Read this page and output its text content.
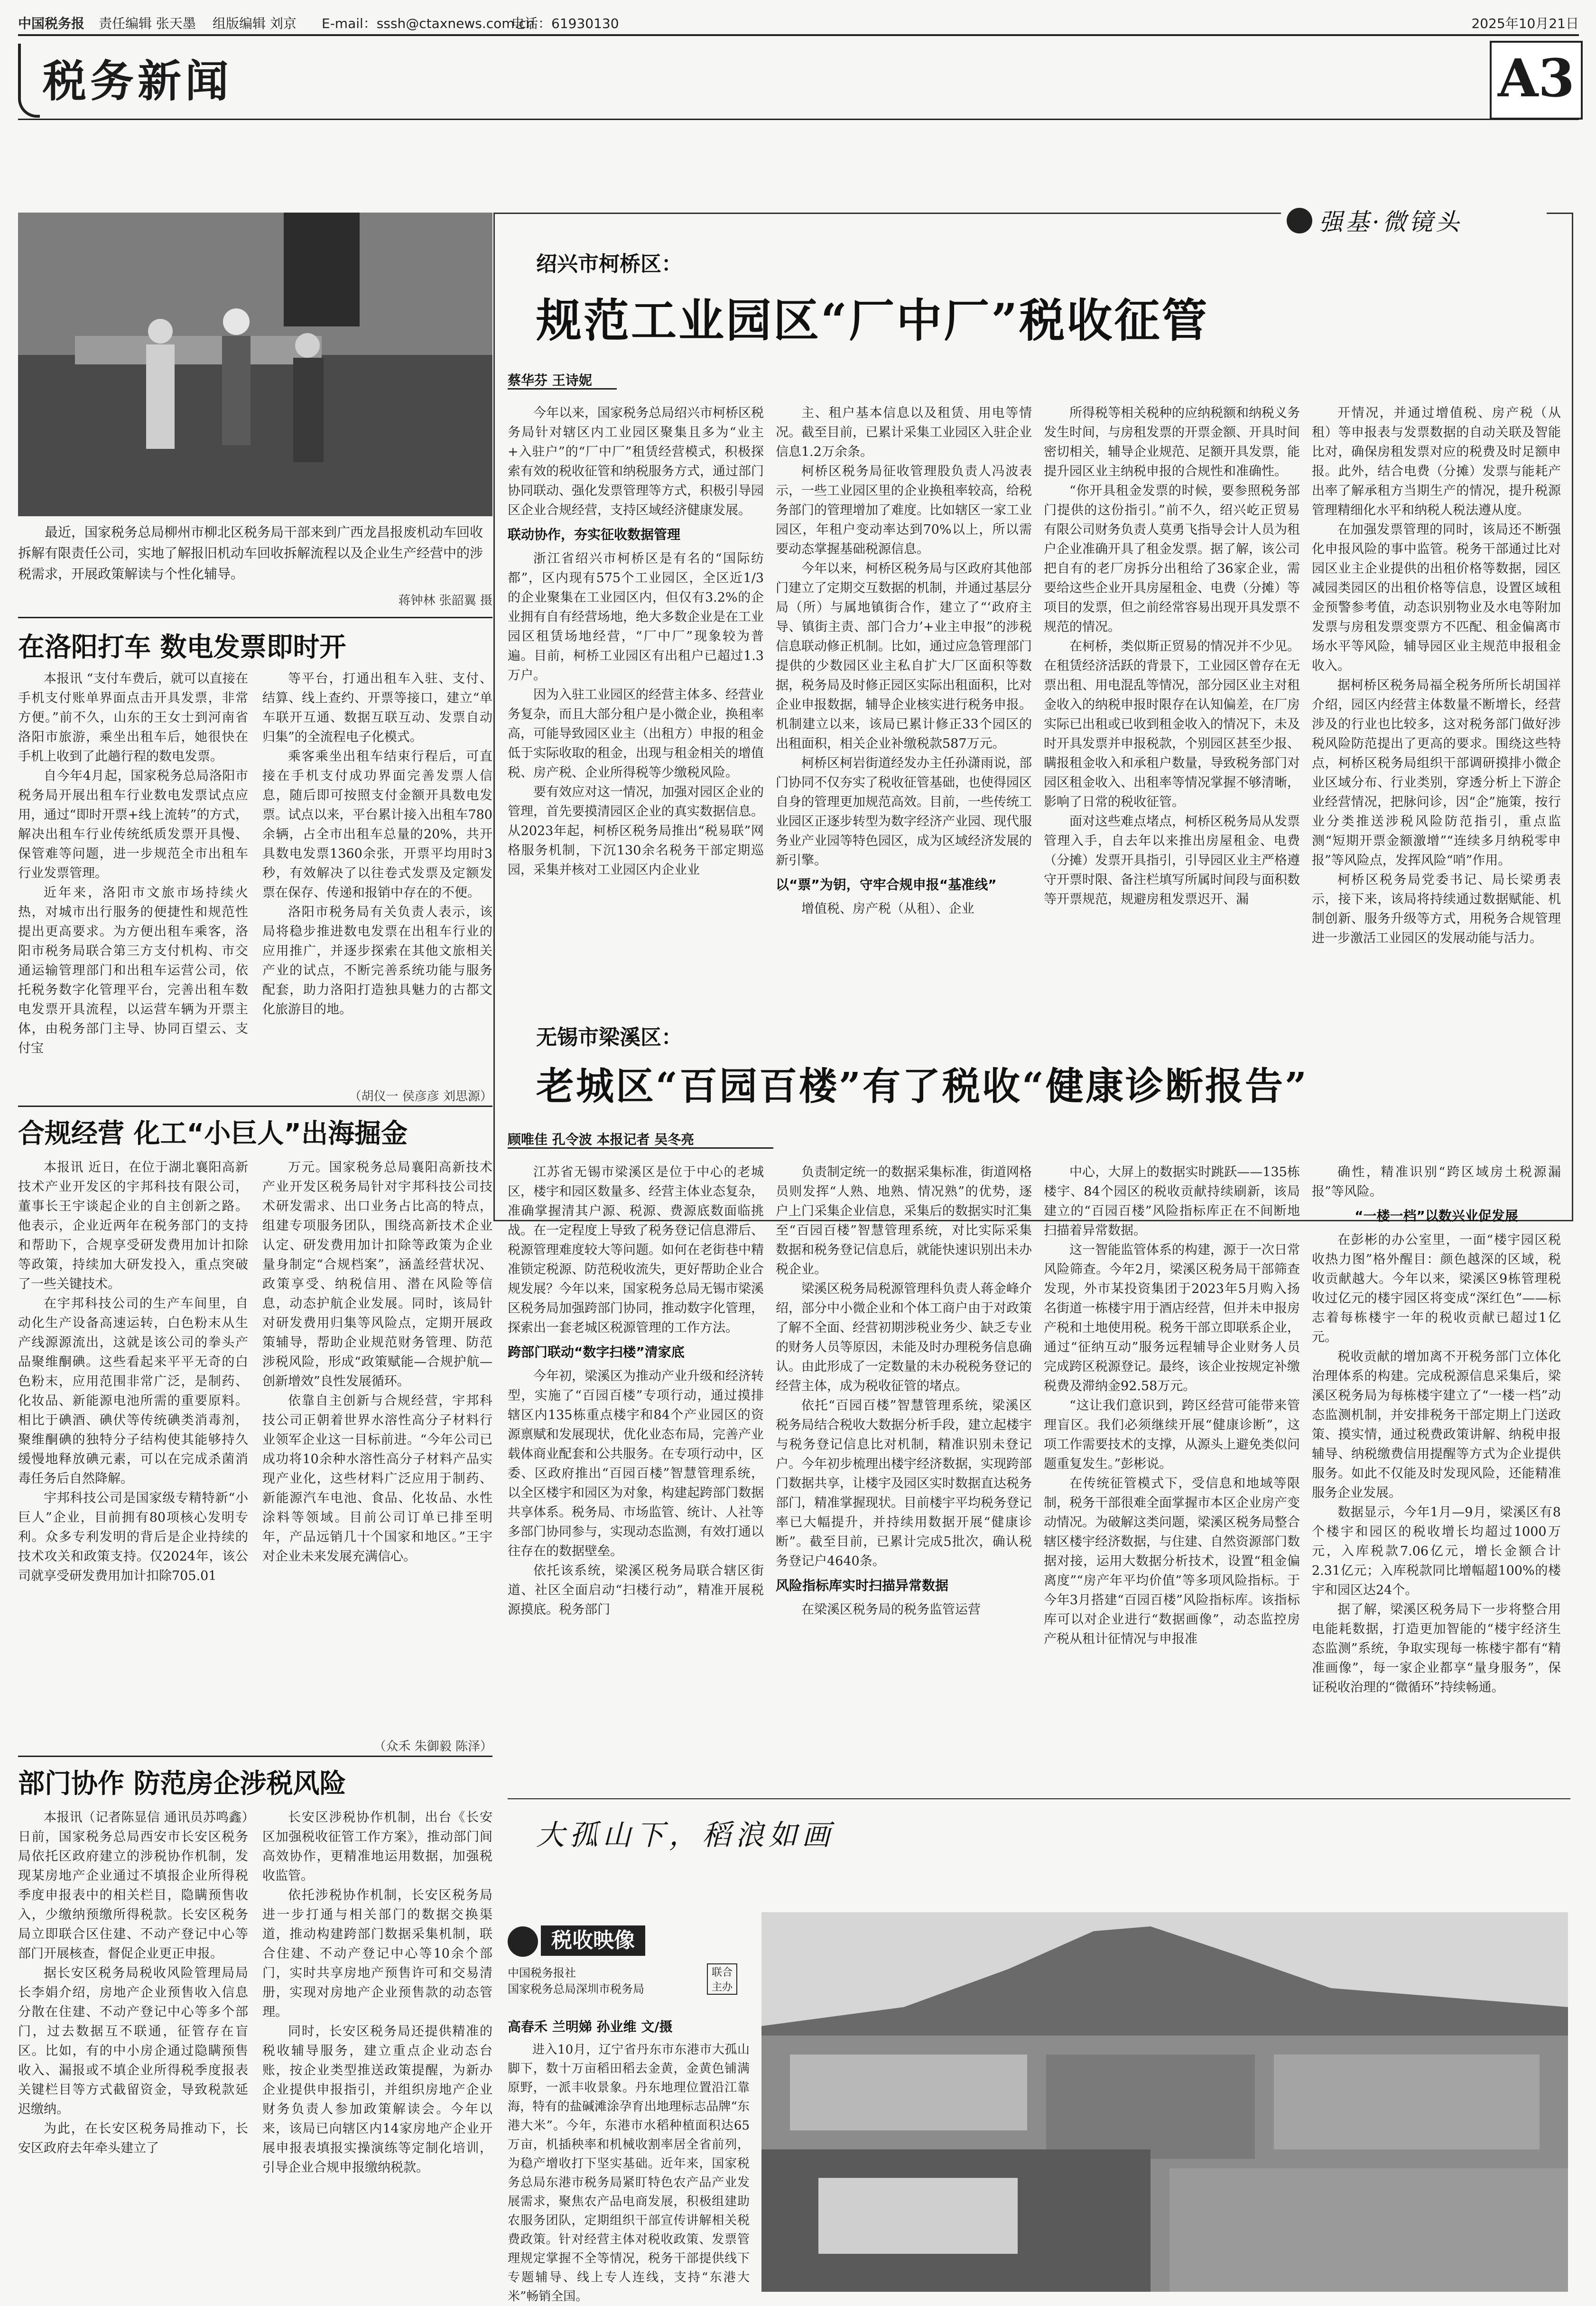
中国税务报 责任编辑 张天墨 组版编辑 刘京 E-mail：sssh@ctaxnews.com.cn
电话：61930130	2025年10月21日
税务新闻	A3
最近，国家税务总局柳州市柳北区税务局干部来到广西龙昌报废机动车回收拆解有限责任公司，实地了解报旧机动车回收拆解流程以及企业生产经营中的涉税需求，开展政策解读与个性化辅导。
蒋钟林 张韶翼 摄
在洛阳打车 数电发票即时开

本报讯 “支付车费后，就可以直接在手机支付账单界面点击开具发票，非常方便。”前不久，山东的王女士到河南省洛阳市旅游，乘坐出租车后，她很快在手机上收到了此趟行程的数电发票。

自今年4月起，国家税务总局洛阳市税务局开展出租车行业数电发票试点应用，通过“即时开票+线上流转”的方式，解决出租车行业传统纸质发票开具慢、保管难等问题，进一步规范全市出租车行业发票管理。

近年来，洛阳市文旅市场持续火热，对城市出行服务的便捷性和规范性提出更高要求。为方便出租车乘客，洛阳市税务局联合第三方支付机构、市交通运输管理部门和出租车运营公司，依托税务数字化管理平台，完善出租车数电发票开具流程，以运营车辆为开票主体，由税务部门主导、协同百望云、支付宝

等平台，打通出租车入驻、支付、结算、线上查约、开票等接口，建立“单车联开互通、数据互联互动、发票自动归集”的全流程电子化模式。

乘客乘坐出租车结束行程后，可直接在手机支付成功界面完善发票人信息，随后即可按照支付金额开具数电发票。试点以来，平台累计接入出租车780余辆，占全市出租车总量的20%，共开具数电发票1360余张，开票平均用时3秒，有效解决了以往卷式发票及定额发票在保存、传递和报销中存在的不便。

洛阳市税务局有关负责人表示，该局将稳步推进数电发票在出租车行业的应用推广，并逐步探索在其他文旅相关产业的试点，不断完善系统功能与服务配套，助力洛阳打造独具魅力的古都文化旅游目的地。

（胡仪一 侯彦彦 刘思源）
合规经营 化工“小巨人”出海掘金

本报讯 近日，在位于湖北襄阳高新技术产业开发区的宇邦科技有限公司，董事长王宇谈起企业的自主创新之路。他表示，企业近两年在税务部门的支持和帮助下，合规享受研发费用加计扣除等政策，持续加大研发投入，重点突破了一些关键技术。

在宇邦科技公司的生产车间里，自动化生产设备高速运转，白色粉末从生产线源源流出，这就是该公司的拳头产品聚维酮碘。这些看起来平平无奇的白色粉末，应用范围非常广泛，是制药、化妆品、新能源电池所需的重要原料。相比于碘酒、碘伏等传统碘类消毒剂，聚维酮碘的独特分子结构使其能够持久缓慢地释放碘元素，可以在完成杀菌消毒任务后自然降解。

宇邦科技公司是国家级专精特新“小巨人”企业，目前拥有80项核心发明专利。众多专利发明的背后是企业持续的技术攻关和政策支持。仅2024年，该公司就享受研发费用加计扣除705.01

万元。国家税务总局襄阳高新技术产业开发区税务局针对宇邦科技公司技术研发需求、出口业务占比高的特点，组建专项服务团队，围绕高新技术企业认定、研发费用加计扣除等政策为企业量身制定“合规档案”，涵盖经营状况、政策享受、纳税信用、潜在风险等信息，动态护航企业发展。同时，该局针对研发费用归集等风险点，定期开展政策辅导，帮助企业规范财务管理、防范涉税风险，形成“政策赋能—合规护航—创新增效”良性发展循环。

依靠自主创新与合规经营，宇邦科技公司正朝着世界水溶性高分子材料行业领军企业这一目标前进。“今年公司已成功将10余种水溶性高分子材料产品实现产业化，这些材料广泛应用于制药、新能源汽车电池、食品、化妆品、水性涂料等领域。目前公司订单已排至明年，产品远销几十个国家和地区。”王宇对企业未来发展充满信心。

（众禾 朱御毅 陈泽）
部门协作 防范房企涉税风险

本报讯（记者陈显信 通讯员苏鸣鑫）日前，国家税务总局西安市长安区税务局依托区政府建立的涉税协作机制，发现某房地产企业通过不填报企业所得税季度申报表中的相关栏目，隐瞒预售收入，少缴纳预缴所得税款。长安区税务局立即联合区住建、不动产登记中心等部门开展核查，督促企业更正申报。

据长安区税务局税收风险管理局局长李娟介绍，房地产企业预售收入信息分散在住建、不动产登记中心等多个部门，过去数据互不联通，征管存在盲区。比如，有的中小房企通过隐瞒预售收入、漏报或不填企业所得税季度报表关键栏目等方式截留资金，导致税款延迟缴纳。

为此，在长安区税务局推动下，长安区政府去年牵头建立了

长安区涉税协作机制，出台《长安区加强税收征管工作方案》，推动部门间高效协作，更精准地运用数据，加强税收监管。

依托涉税协作机制，长安区税务局进一步打通与相关部门的数据交换渠道，推动构建跨部门数据采集机制，联合住建、不动产登记中心等10余个部门，实时共享房地产预售许可和交易清册，实现对房地产企业预售款的动态管理。

同时，长安区税务局还提供精准的税收辅导服务，建立重点企业动态台账，按企业类型推送政策提醒，为新办企业提供申报指引，并组织房地产企业财务负责人参加政策解读会。今年以来，该局已向辖区内14家房地产企业开展申报表填报实操演练等定制化培训，引导企业合规申报缴纳税款。

强基·微镜头
绍兴市柯桥区：
规范工业园区“厂中厂”税收征管
蔡华芬 王诗妮

今年以来，国家税务总局绍兴市柯桥区税务局针对辖区内工业园区聚集且多为“业主+入驻户”的“厂中厂”租赁经营模式，积极探索有效的税收征管和纳税服务方式，通过部门协同联动、强化发票管理等方式，积极引导园区企业合规经营，支持区域经济健康发展。

联动协作，夯实征收数据管理

浙江省绍兴市柯桥区是有名的“国际纺都”，区内现有575个工业园区，全区近1/3的企业聚集在工业园区内，但仅有3.2%的企业拥有自有经营场地，绝大多数企业是在工业园区租赁场地经营，“厂中厂”现象较为普遍。目前，柯桥工业园区有出租户已超过1.3万户。

因为入驻工业园区的经营主体多、经营业务复杂，而且大部分租户是小微企业，换租率高，可能导致园区业主（出租方）申报的租金低于实际收取的租金，出现与租金相关的增值税、房产税、企业所得税等少缴税风险。

要有效应对这一情况，加强对园区企业的管理，首先要摸清园区企业的真实数据信息。从2023年起，柯桥区税务局推出“税易联”网格服务机制，下沉130余名税务干部定期巡园，采集并核对工业园区内企业业

主、租户基本信息以及租赁、用电等情况。截至目前，已累计采集工业园区入驻企业信息1.2万余条。

柯桥区税务局征收管理股负责人冯波表示，一些工业园区里的企业换租率较高，给税务部门的管理增加了难度。比如辖区一家工业园区，年租户变动率达到70%以上，所以需要动态掌握基础税源信息。

今年以来，柯桥区税务局与区政府其他部门建立了定期交互数据的机制，并通过基层分局（所）与属地镇街合作，建立了“‘政府主导、镇街主责、部门合力’+业主申报”的涉税信息联动修正机制。比如，通过应急管理部门提供的少数园区业主私自扩大厂区面积等数据，税务局及时修正园区实际出租面积，比对企业申报数据，辅导企业核实进行税务申报。机制建立以来，该局已累计修正33个园区的出租面积，相关企业补缴税款587万元。

柯桥区柯岩街道经发办主任孙潇雨说，部门协同不仅夯实了税收征管基础，也使得园区自身的管理更加规范高效。目前，一些传统工业园区正逐步转型为数字经济产业园、现代服务业产业园等特色园区，成为区域经济发展的新引擎。

以“票”为钥，守牢合规申报“基准线”

增值税、房产税（从租）、企业

所得税等相关税种的应纳税额和纳税义务发生时间，与房租发票的开票金额、开具时间密切相关，辅导企业规范、足额开具发票，能提升园区业主纳税申报的合规性和准确性。

“你开具租金发票的时候，要参照税务部门提供的这份指引。”前不久，绍兴屹正贸易有限公司财务负责人莫勇飞指导会计人员为租户企业准确开具了租金发票。据了解，该公司把自有的老厂房拆分出租给了36家企业，需要给这些企业开具房屋租金、电费（分摊）等项目的发票，但之前经常容易出现开具发票不规范的情况。

在柯桥，类似斯正贸易的情况并不少见。在租赁经济活跃的背景下，工业园区曾存在无票出租、用电混乱等情况，部分园区业主对租金收入的纳税申报时限存在认知偏差，在厂房实际已出租或已收到租金收入的情况下，未及时开具发票并申报税款，个别园区甚至少报、瞒报租金收入和承租户数量，导致税务部门对园区租金收入、出租率等情况掌握不够清晰，影响了日常的税收征管。

面对这些难点堵点，柯桥区税务局从发票管理入手，自去年以来推出房屋租金、电费（分摊）发票开具指引，引导园区业主严格遵守开票时限、备注栏填写所属时间段与面积数等开票规范，规避房租发票迟开、漏

开情况，并通过增值税、房产税（从租）等申报表与发票数据的自动关联及智能比对，确保房租发票对应的税费及时足额申报。此外，结合电费（分摊）发票与能耗产出率了解承租方当期生产的情况，提升税源管理精细化水平和纳税人税法遵从度。

在加强发票管理的同时，该局还不断强化申报风险的事中监管。税务干部通过比对园区业主企业提供的出租价格等数据，园区减园类园区的出租价格等信息，设置区域租金预警参考值，动态识别物业及水电等附加发票与房租发票变票方不匹配、租金偏离市场水平等风险，辅导园区业主规范申报租金收入。

据柯桥区税务局福全税务所所长胡国祥介绍，园区内经营主体数量不断增长，经营涉及的行业也比较多，这对税务部门做好涉税风险防范提出了更高的要求。围绕这些特点，柯桥区税务局组织干部调研摸排小微企业区域分布、行业类别，穿透分析上下游企业经营情况，把脉问诊，因“企”施策，按行业分类推送涉税风险防范指引，重点监测“短期开票金额激增”“连续多月纳税零申报”等风险点，发挥风险“哨”作用。

柯桥区税务局党委书记、局长梁勇表示，接下来，该局将持续通过数据赋能、机制创新、服务升级等方式，用税务合规管理进一步激活工业园区的发展动能与活力。

无锡市梁溪区：
老城区“百园百楼”有了税收“健康诊断报告”
顾唯佳 孔令波 本报记者 吴冬亮

江苏省无锡市梁溪区是位于中心的老城区，楼宇和园区数量多、经营主体业态复杂，准确掌握清其户源、税源、费源底数面临挑战。在一定程度上导致了税务登记信息滞后、税源管理难度较大等问题。如何在老街巷中精准锁定税源、防范税收流失，更好帮助企业合规发展？今年以来，国家税务总局无锡市梁溪区税务局加强跨部门协同，推动数字化管理，探索出一套老城区税源管理的工作方法。

跨部门联动“数字扫楼”清家底

今年初，梁溪区为推动产业升级和经济转型，实施了“百园百楼”专项行动，通过摸排辖区内135栋重点楼宇和84个产业园区的资源禀赋和发展现状，优化业态布局，完善产业载体商业配套和公共服务。在专项行动中，区委、区政府推出“百园百楼”智慧管理系统，以全区楼宇和园区为对象，构建起跨部门数据共享体系。税务局、市场监管、统计、人社等多部门协同参与，实现动态监测，有效打通以往存在的数据壁垒。

依托该系统，梁溪区税务局联合辖区街道、社区全面启动“扫楼行动”，精准开展税源摸底。税务部门

负责制定统一的数据采集标准，街道网格员则发挥“人熟、地熟、情况熟”的优势，逐户上门采集企业信息，采集后的数据实时汇集至“百园百楼”智慧管理系统，对比实际采集数据和税务登记信息后，就能快速识别出未办税企业。

梁溪区税务局税源管理科负责人蒋金峰介绍，部分中小微企业和个体工商户由于对政策了解不全面、经营初期涉税业务少、缺乏专业的财务人员等原因，未能及时办理税务信息确认。由此形成了一定数量的未办税税务登记的经营主体，成为税收征管的堵点。

依托“百园百楼”智慧管理系统，梁溪区税务局结合税收大数据分析手段，建立起楼宇与税务登记信息比对机制，精准识别未登记户。今年初步梳理出楼宇经济数据，实现跨部门数据共享，让楼宇及园区实时数据直达税务部门，精准掌握现状。目前楼宇平均税务登记率已大幅提升，并持续用数据开展“健康诊断”。截至目前，已累计完成5批次，确认税务登记户4640条。

风险指标库实时扫描异常数据

在梁溪区税务局的税务监管运营

中心，大屏上的数据实时跳跃——135栋楼宇、84个园区的税收贡献持续刷新，该局建立的“百园百楼”风险指标库正在不间断地扫描着异常数据。

这一智能监管体系的构建，源于一次日常风险筛查。今年2月，梁溪区税务局干部筛查发现，外市某投资集团于2023年5月购入扬名街道一栋楼宇用于酒店经营，但并未申报房产税和土地使用税。税务干部立即联系企业，通过“征纳互动”服务远程辅导企业财务人员完成跨区税源登记。最终，该企业按规定补缴税费及滞纳金92.58万元。

“这让我们意识到，跨区经营可能带来管理盲区。我们必须继续开展“健康诊断”，这项工作需要技术的支撑，从源头上避免类似问题重复发生。”彭彬说。

在传统征管模式下，受信息和地域等限制，税务干部很难全面掌握市本区企业房产变动情况。为破解这类问题，梁溪区税务局整合辖区楼宇经济数据，与住建、自然资源部门数据对接，运用大数据分析技术，设置“租金偏离度”“房产年平均价值”等多项风险指标。于今年3月搭建“百园百楼”风险指标库。该指标库可以对企业进行“数据画像”，动态监控房产税从租计征情况与申报准

确性，精准识别“跨区域房土税源漏报”等风险。

“一楼一档”以数兴业促发展

在彭彬的办公室里，一面“楼宇园区税收热力图”格外醒目：颜色越深的区域，税收贡献越大。今年以来，梁溪区9栋管理税收过亿元的楼宇园区将变成“深红色”——标志着每栋楼宇一年的税收贡献已超过1亿元。

税收贡献的增加离不开税务部门立体化治理体系的构建。完成税源信息采集后，梁溪区税务局为每栋楼宇建立了“一楼一档”动态监测机制，并安排税务干部定期上门送政策、摸实情，通过税费政策讲解、纳税申报辅导、纳税缴费信用提醒等方式为企业提供服务。如此不仅能及时发现风险，还能精准服务企业发展。

数据显示，今年1月—9月，梁溪区有8个楼宇和园区的税收增长均超过1000万元，入库税款7.06亿元，增长金额合计2.31亿元；入库税款同比增幅超100%的楼宇和园区达24个。

据了解，梁溪区税务局下一步将整合用电能耗数据，打造更加智能的“楼宇经济生态监测”系统，争取实现每一栋楼宇都有“精准画像”，每一家企业都享“量身服务”，保证税收治理的“微循环”持续畅通。

大孤山下，稻浪如画
税收映像
中国税务报社
国家税务总局深圳市税务局
联合主办
高春禾 兰明娣 孙业维 文/摄

进入10月，辽宁省丹东市东港市大孤山脚下，数十万亩稻田稻去金黄，金黄色铺满原野，一派丰收景象。丹东地理位置沿江靠海，特有的盐碱滩涂孕育出地理标志品牌“东港大米”。今年，东港市水稻种植面积达65万亩，机插秧率和机械收割率居全省前列，为稳产增收打下坚实基础。近年来，国家税务总局东港市税务局紧盯特色农产品产业发展需求，聚焦农产品电商发展，积极组建助农服务团队，定期组织干部宣传讲解相关税费政策。针对经营主体对税收政策、发票管理规定掌握不全等情况，税务干部提供线下专题辅导、线上专人连线，支持“东港大米”畅销全国。
